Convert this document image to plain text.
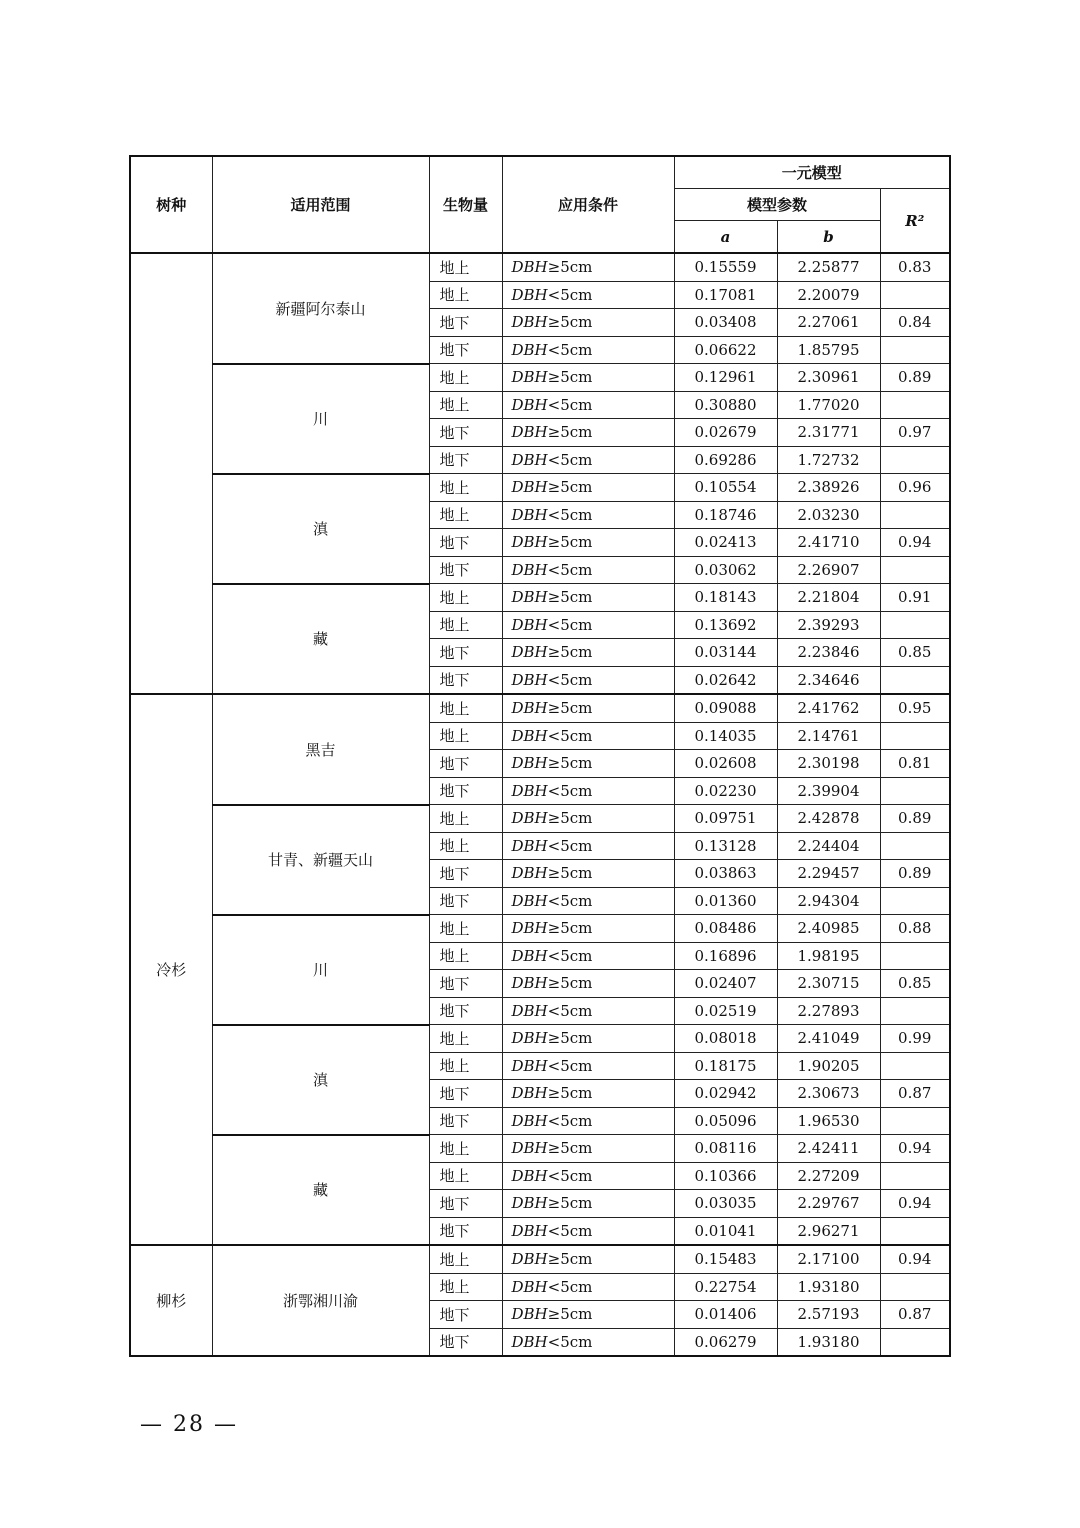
树种	适用范围	生物量	应用条件	一元模型		
				模型参数		R²
				a	b	
	新疆阿尔泰山	地上	DBH≥5cm	0.15559	2.25877	0.83
		地上	DBH<5cm	0.17081	2.20079	
		地下	DBH≥5cm	0.03408	2.27061	0.84
		地下	DBH<5cm	0.06622	1.85795	
	川	地上	DBH≥5cm	0.12961	2.30961	0.89
		地上	DBH<5cm	0.30880	1.77020	
		地下	DBH≥5cm	0.02679	2.31771	0.97
		地下	DBH<5cm	0.69286	1.72732	
	滇	地上	DBH≥5cm	0.10554	2.38926	0.96
		地上	DBH<5cm	0.18746	2.03230	
		地下	DBH≥5cm	0.02413	2.41710	0.94
		地下	DBH<5cm	0.03062	2.26907	
	藏	地上	DBH≥5cm	0.18143	2.21804	0.91
		地上	DBH<5cm	0.13692	2.39293	
		地下	DBH≥5cm	0.03144	2.23846	0.85
		地下	DBH<5cm	0.02642	2.34646	
冷杉	黑吉	地上	DBH≥5cm	0.09088	2.41762	0.95
		地上	DBH<5cm	0.14035	2.14761	
		地下	DBH≥5cm	0.02608	2.30198	0.81
		地下	DBH<5cm	0.02230	2.39904	
	甘青、新疆天山	地上	DBH≥5cm	0.09751	2.42878	0.89
		地上	DBH<5cm	0.13128	2.24404	
		地下	DBH≥5cm	0.03863	2.29457	0.89
		地下	DBH<5cm	0.01360	2.94304	
	川	地上	DBH≥5cm	0.08486	2.40985	0.88
		地上	DBH<5cm	0.16896	1.98195	
		地下	DBH≥5cm	0.02407	2.30715	0.85
		地下	DBH<5cm	0.02519	2.27893	
	滇	地上	DBH≥5cm	0.08018	2.41049	0.99
		地上	DBH<5cm	0.18175	1.90205	
		地下	DBH≥5cm	0.02942	2.30673	0.87
		地下	DBH<5cm	0.05096	1.96530	
	藏	地上	DBH≥5cm	0.08116	2.42411	0.94
		地上	DBH<5cm	0.10366	2.27209	
		地下	DBH≥5cm	0.03035	2.29767	0.94
		地下	DBH<5cm	0.01041	2.96271	
柳杉	浙鄂湘川渝	地上	DBH≥5cm	0.15483	2.17100	0.94
		地上	DBH<5cm	0.22754	1.93180	
		地下	DBH≥5cm	0.01406	2.57193	0.87
		地下	DBH<5cm	0.06279	1.93180	
— 28 —
